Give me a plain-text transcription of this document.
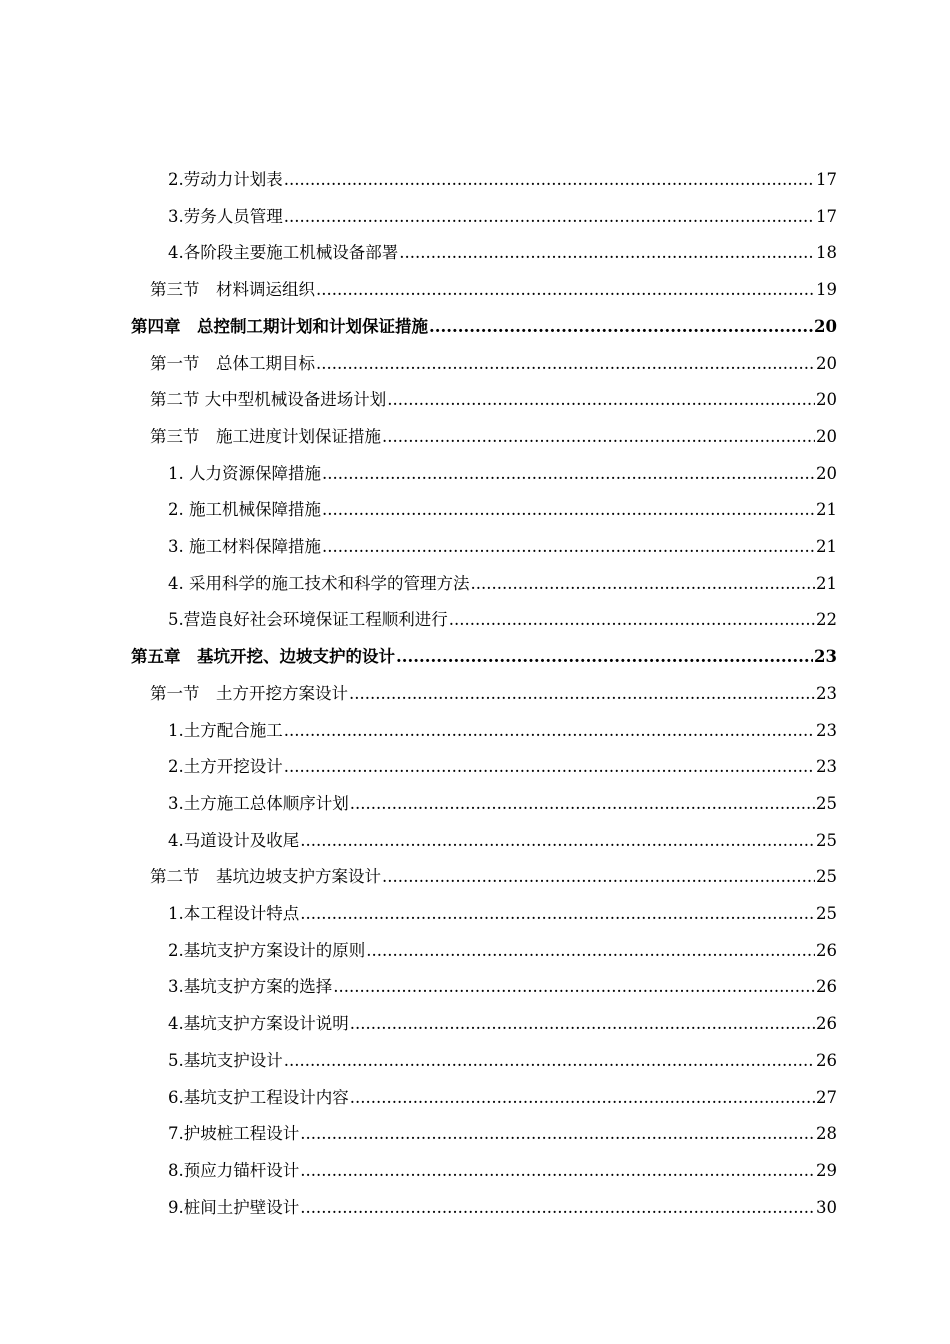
2.劳动力计划表 .....	17
3.劳务人员管理 .....	17
4.各阶段主要施工机械设备部署 .....	18
第三节　材料调运组织 .....	19
第四章　总控制工期计划和计划保证措施 .....	20
第一节　总体工期目标 .....	20
第二节 大中型机械设备进场计划 .....	20
第三节　施工进度计划保证措施 .....	20
1. 人力资源保障措施 .....	20
2. 施工机械保障措施 .....	21
3. 施工材料保障措施 .....	21
4. 采用科学的施工技术和科学的管理方法 .....	21
5.营造良好社会环境保证工程顺利进行 .....	22
第五章　基坑开挖、边坡支护的设计 .....	23
第一节　土方开挖方案设计 .....	23
1.土方配合施工 .....	23
2.土方开挖设计 .....	23
3.土方施工总体顺序计划 .....	25
4.马道设计及收尾 .....	25
第二节　基坑边坡支护方案设计 .....	25
1.本工程设计特点 .....	25
2.基坑支护方案设计的原则 .....	26
3.基坑支护方案的选择 .....	26
4.基坑支护方案设计说明 .....	26
5.基坑支护设计 .....	26
6.基坑支护工程设计内容 .....	27
7.护坡桩工程设计 .....	28
8.预应力锚杆设计 .....	29
9.桩间土护壁设计 .....	30
